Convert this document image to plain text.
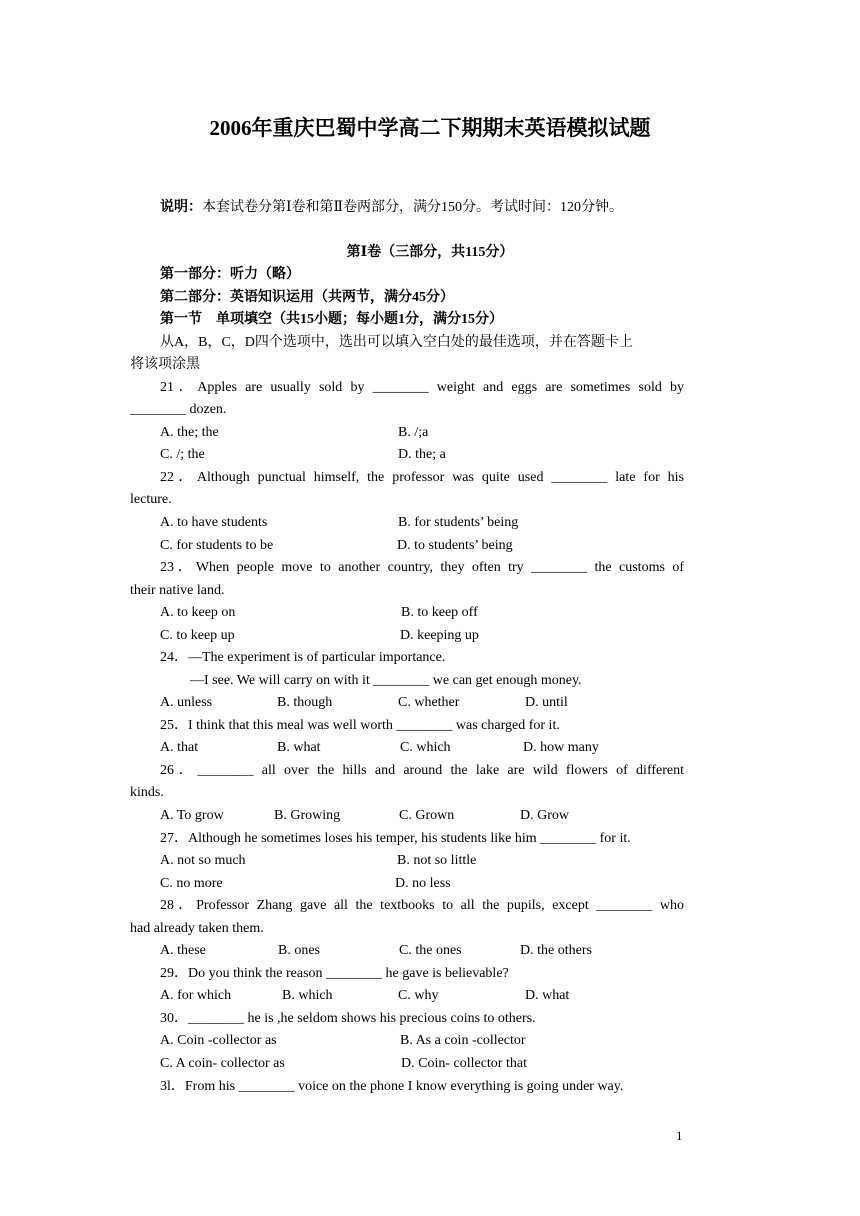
2006年重庆巴蜀中学高二下期期末英语模拟试题
说明：本套试卷分第Ⅰ卷和第Ⅱ卷两部分，满分150分。考试时间：120分钟。
第Ⅰ卷（三部分，共115分）
第一部分：听力（略）
第二部分：英语知识运用（共两节，满分45分）
第一节　单项填空（共15小题；每小题1分，满分15分）
从A，B，C，D四个选项中，选出可以填入空白处的最佳选项，并在答题卡上
将该项涂黑
21．Apples are usually sold by ________ weight and eggs are sometimes sold by
________ dozen.
A. the; the	B. /;a
C. /; the	D. the; a
22．Although punctual himself, the professor was quite used ________ late for his
lecture.
A. to have students	B. for students’ being
C. for students to be	D. to students’ being
23．When people move to another country, they often try ________ the customs of
their native land.
A. to keep on	B. to keep off
C. to keep up	D. keeping up
24．—The experiment is of particular importance.
—I see. We will carry on with it ________ we can get enough money.
A. unless	B. though	C. whether	D. until
25．I think that this meal was well worth ________ was charged for it.
A. that	B. what	C. which	D. how many
26．________ all over the hills and around the lake are wild flowers of different
kinds.
A. To grow	B. Growing	C. Grown	D. Grow
27．Although he sometimes loses his temper, his students like him ________ for it.
A. not so much	B. not so little
C. no more	D. no less
28．Professor Zhang gave all the textbooks to all the pupils, except ________ who
had already taken them.
A. these	B. ones	C. the ones	D. the others
29．Do you think the reason ________ he gave is believable?
A. for which	B. which	C. why	D. what
30．________ he is ,he seldom shows his precious coins to others.
A. Coin -collector as	B. As a coin -collector
C. A coin- collector as	D. Coin- collector that
3l．From his ________ voice on the phone I know everything is going under way.
1
